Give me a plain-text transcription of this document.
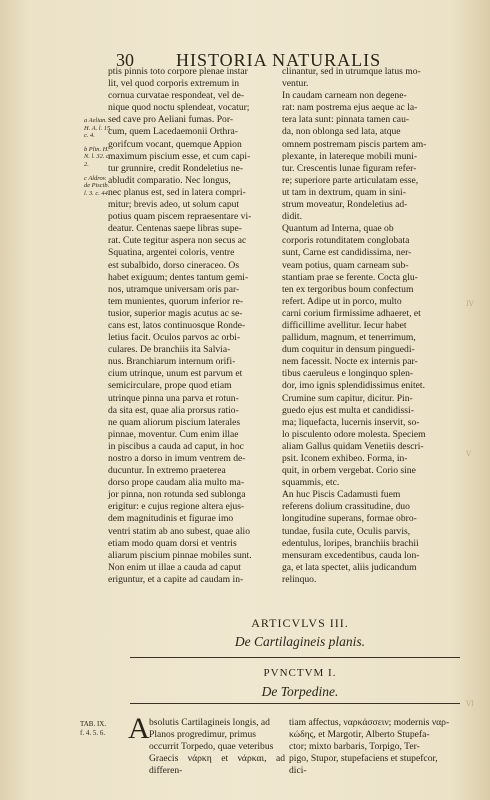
30 HISTORIA NATURALIS
a Aelian. H. A. l. 15. c. 4.
b Plin. H. N. l. 32. c. 2.
c Aldrov. de Piscib. l. 3. c. 44.

ptis pinnis toto corpore plenae instar

lit, vel quod corporis extremum in

cornua curvatae respondeat, vel de-

nique quod noctu splendeat, vocatur;

sed cave pro Aeliani fumas. Por-

cum, quem Lacedaemonii Orthra-

gorifcum vocant, quemque Appion

maximum piscium esse, et cum capi-

tur grunnire, credit Rondeletius ne-

abludit comparatio. Nec longus,

nec planus est, sed in latera compri-

mitur; brevis adeo, ut solum caput

potius quam piscem repraesentare vi-

deatur. Centenas saepe libras supe-

rat. Cute tegitur aspera non secus ac

Squatina, argentei coloris, ventre

est subalbido, dorso cineraceo. Os

habet exiguum; dentes tantum gemi-

nos, utramque universam oris par-

tem munientes, quorum inferior re-

tusior, superior magis acutus ac se-

cans est, latos continuosque Ronde-

letius facit. Oculos parvos ac orbi-

culares. De branchiis ita Salvia-

nus. Branchiarum internum orifi-

cium utrinque, unum est parvum et

semicirculare, prope quod etiam

utrinque pinna una parva et rotun-

da sita est, quae alia prorsus ratio-

ne quam aliorum piscium laterales

pinnae, moventur. Cum enim illae

in piscibus a cauda ad caput, in hoc

nostro a dorso in imum ventrem de-

ducuntur. In extremo praeterea

dorso prope caudam alia multo ma-

jor pinna, non rotunda sed sublonga

erigitur: e cujus regione altera ejus-

dem magnitudinis et figurae imo

ventri statim ab ano subest, quae alio

etiam modo quam dorsi et ventris

aliarum piscium pinnae mobiles sunt.

Non enim ut illae a cauda ad caput

eriguntur, et a capite ad caudam in-

clinantur, sed in utrumque latus mo-

ventur.

In caudam carneam non degene-

rat: nam postrema ejus aeque ac la-

tera lata sunt: pinnata tamen cau-

da, non oblonga sed lata, atque

omnem postremam piscis partem am-

plexante, in latereque mobili muni-

tur. Crescentis lunae figuram refer-

re; superiore parte articulatam esse,

ut tam in dextrum, quam in sini-

strum moveatur, Rondeletius ad-

didit.

Quantum ad Interna, quae ob

corporis rotunditatem conglobata

sunt, Carne est candidissima, ner-

veam potius, quam carneam sub-

stantiam prae se ferente. Cocta glu-

ten ex tergoribus boum confectum

refert. Adipe ut in porco, multo

carni corium firmissime adhaeret, et

difficillime avellitur. Iecur habet

pallidum, magnum, et tenerrimum,

dum coquitur in densum pinguedi-

nem facessit. Nocte ex internis par-

tibus caeruleus e longinquo splen-

dor, imo ignis splendidissimus enitet.

Crumine sum capitur, dicitur. Pin-

guedo ejus est multa et candidissi-

ma; liquefacta, lucernis inservit, so-

lo pisculento odore molesta. Speciem

aliam Gallus quidam Venetiis descri-

psit. Iconem exhibeo. Forma, in-

quit, in orbem vergebat. Corio sine

squammis, etc.

An huc Piscis Cadamusti fuem

referens dolium crassitudine, duo

longitudine superans, formae obro-

tundae, fusila cute, Oculis parvis,

edentulus, loripes, branchiis brachii

mensuram excedentibus, cauda lon-

ga, et lata spectet, aliis judicandum

relinquo.

ARTICVLVS III.
De Cartilagineis planis.
PVNCTVM I.
De Torpedine.
TAB. IX.
f. 4. 5. 6. A bsolutis Cartilagineis longis, ad

Planos progredimur, primus

occurrit Torpedo, quae veteribus

Graecis νάρκη et νάρκαι, ad differen-

tiam affectus, ναρκάσσειν; modernis ναρ-

κώδης, et Margotir, Alberto Stupefa-

ctor; mixto barbaris, Torpigo, Ter-

pigo, Stupor, stupefaciens et stupefcor,

dici-

IV
V
VI
